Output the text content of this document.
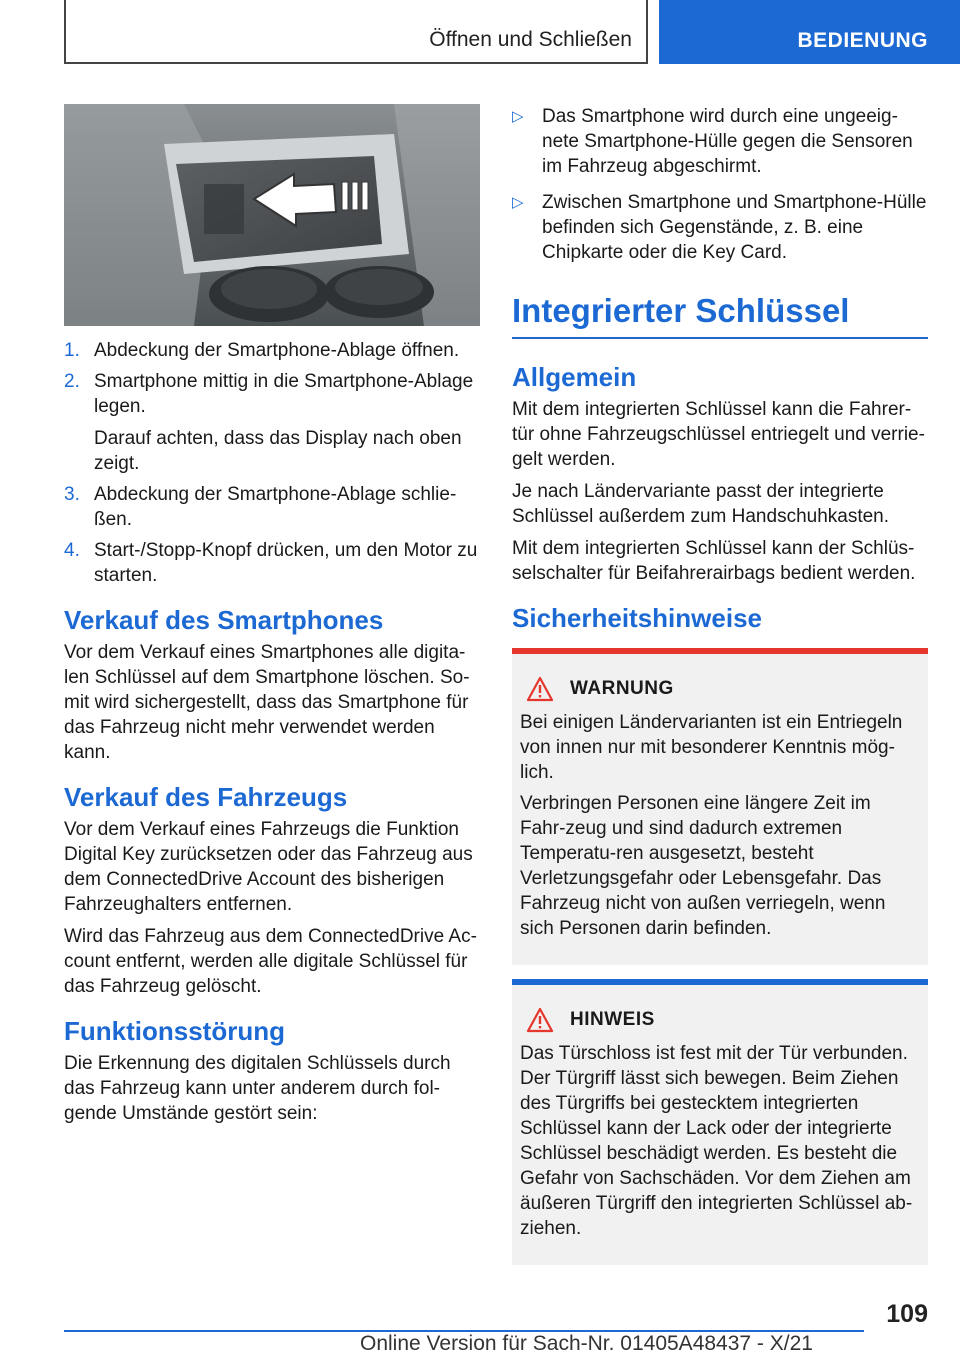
Öffnen und Schließen	BEDIENUNG
1. Abdeckung der Smartphone-Ablage öffnen.
2. Smartphone mittig in die Smartphone-Ablage legen.
Darauf achten, dass das Display nach oben zeigt.
3. Abdeckung der Smartphone-Ablage schlie-ßen.
4. Start-/Stopp-Knopf drücken, um den Motor zu starten.
Verkauf des Smartphones

Vor dem Verkauf eines Smartphones alle digita-len Schlüssel auf dem Smartphone löschen. So-mit wird sichergestellt, dass das Smartphone für das Fahrzeug nicht mehr verwendet werden kann.

Verkauf des Fahrzeugs

Vor dem Verkauf eines Fahrzeugs die Funktion Digital Key zurücksetzen oder das Fahrzeug aus dem ConnectedDrive Account des bisherigen Fahrzeughalters entfernen.

Wird das Fahrzeug aus dem ConnectedDrive Ac-count entfernt, werden alle digitale Schlüssel für das Fahrzeug gelöscht.

Funktionsstörung

Die Erkennung des digitalen Schlüssels durch das Fahrzeug kann unter anderem durch fol-gende Umstände gestört sein:

▷ Das Smartphone wird durch eine ungeeig-nete Smartphone-Hülle gegen die Sensoren im Fahrzeug abgeschirmt.
▷ Zwischen Smartphone und Smartphone-Hülle befinden sich Gegenstände, z. B. eine Chipkarte oder die Key Card.
Integrierter Schlüssel
Allgemein

Mit dem integrierten Schlüssel kann die Fahrer-tür ohne Fahrzeugschlüssel entriegelt und verrie-gelt werden.

Je nach Ländervariante passt der integrierte Schlüssel außerdem zum Handschuhkasten.

Mit dem integrierten Schlüssel kann der Schlüs-selschalter für Beifahrerairbags bedient werden.

Sicherheitshinweise
WARNUNG

Bei einigen Ländervarianten ist ein Entriegeln von innen nur mit besonderer Kenntnis mög-lich.

Verbringen Personen eine längere Zeit im Fahr-zeug und sind dadurch extremen Temperatu-ren ausgesetzt, besteht Verletzungsgefahr oder Lebensgefahr. Das Fahrzeug nicht von außen verriegeln, wenn sich Personen darin befinden.

HINWEIS

Das Türschloss ist fest mit der Tür verbunden. Der Türgriff lässt sich bewegen. Beim Ziehen des Türgriffs bei gestecktem integrierten Schlüssel kann der Lack oder der integrierte Schlüssel beschädigt werden. Es besteht die Gefahr von Sachschäden. Vor dem Ziehen am äußeren Türgriff den integrierten Schlüssel ab-ziehen.

109
Online Version für Sach-Nr. 01405A48437 - X/21
